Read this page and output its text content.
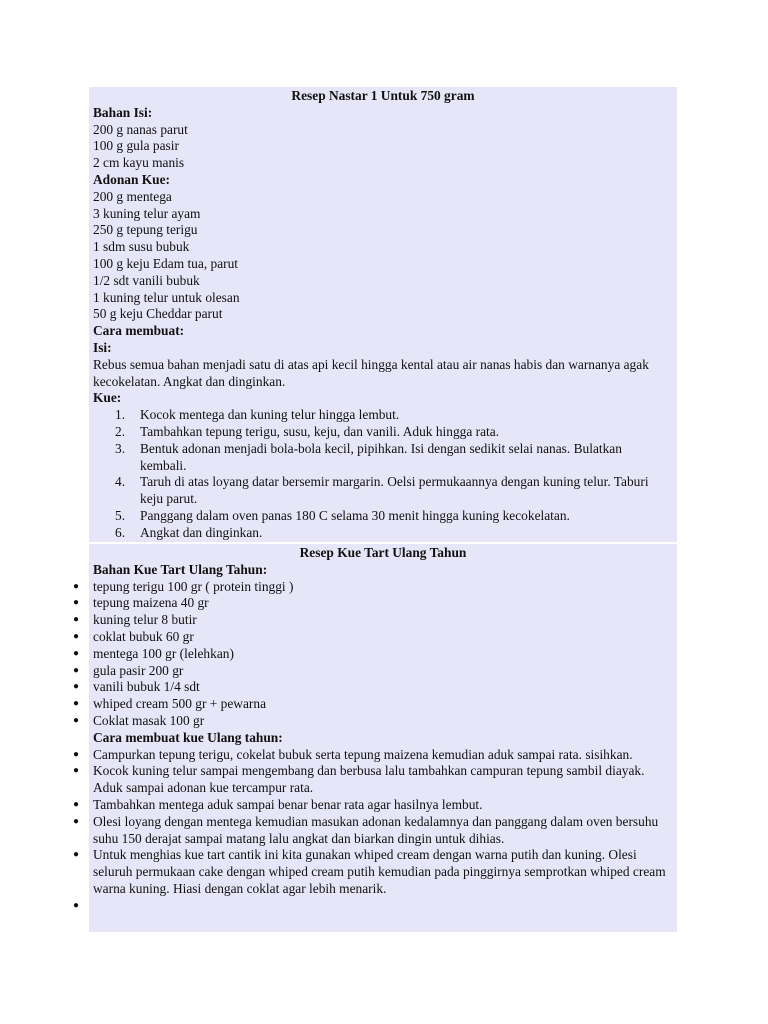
Resep Nastar 1 Untuk 750 gram
Bahan Isi:
200 g nanas parut
100 g gula pasir
2 cm kayu manis
Adonan Kue:
200 g mentega
3 kuning telur ayam
250 g tepung terigu
1 sdm susu bubuk
100 g keju Edam tua, parut
1/2 sdt vanili bubuk
1 kuning telur untuk olesan
50 g keju Cheddar parut
Cara membuat:
Isi:
Rebus semua bahan menjadi satu di atas api kecil hingga kental atau air nanas habis dan warnanya agak kecokelatan. Angkat dan dinginkan.
Kue:
1. Kocok mentega dan kuning telur hingga lembut.
2. Tambahkan tepung terigu, susu, keju, dan vanili. Aduk hingga rata.
3. Bentuk adonan menjadi bola-bola kecil, pipihkan. Isi dengan sedikit selai nanas. Bulatkan kembali.
4. Taruh di atas loyang datar bersemir margarin. Oelsi permukaannya dengan kuning telur. Taburi keju parut.
5. Panggang dalam oven panas 180 C selama 30 menit hingga kuning kecokelatan.
6. Angkat dan dinginkan.
Resep Kue Tart Ulang Tahun
Bahan Kue Tart Ulang Tahun:
● tepung terigu 100 gr ( protein tinggi )
● tepung maizena 40 gr
● kuning telur 8 butir
● coklat bubuk 60 gr
● mentega 100 gr (lelehkan)
● gula pasir 200 gr
● vanili bubuk 1/4 sdt
● whiped cream 500 gr + pewarna
● Coklat masak 100 gr
Cara membuat kue Ulang tahun:
● Campurkan tepung terigu, cokelat bubuk serta tepung maizena kemudian aduk sampai rata. sisihkan.
● Kocok kuning telur sampai mengembang dan berbusa lalu tambahkan campuran tepung sambil diayak. Aduk sampai adonan kue tercampur rata.
● Tambahkan mentega aduk sampai benar benar rata agar hasilnya lembut.
● Olesi loyang dengan mentega kemudian masukan adonan kedalamnya dan panggang dalam oven bersuhu suhu 150 derajat sampai matang lalu angkat dan biarkan dingin untuk dihias.
● Untuk menghias kue tart cantik ini kita gunakan whiped cream dengan warna putih dan kuning. Olesi seluruh permukaan cake dengan whiped cream putih kemudian pada pinggirnya semprotkan whiped cream warna kuning. Hiasi dengan coklat agar lebih menarik.
●
